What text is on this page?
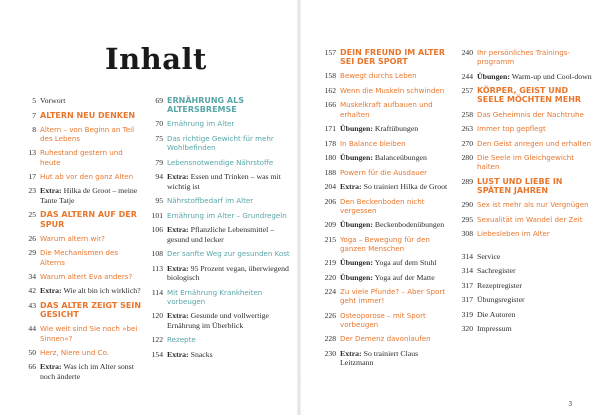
Inhalt
5 Vorwort
7 ALTERN NEU DENKEN
8 Altern – von Beginn an Teil des Lebens
13 Ruhestand gestern und heute
17 Hut ab vor den ganz Alten
23 Extra: Hilka de Groot – meine Tante Tatje
25 DAS ALTERN AUF DER SPUR
26 Warum altern wir?
29 Die Mechanismen des Alterns
34 Warum altert Eva anders?
42 Extra: Wie alt bin ich wirklich?
43 DAS ALTER ZEIGT SEIN GESICHT
44 Wie weit sind Sie noch »bei Sinnen«?
50 Herz, Niere und Co.
66 Extra: Was ich im Alter sonst noch änderte
69 ERNÄHRUNG ALS ALTERSBREMSE
70 Ernährung im Alter
75 Das richtige Gewicht für mehr Wohlbefinden
79 Lebensnotwendige Nährstoffe
94 Extra: Essen und Trinken – was mit wichtig ist
95 Nährstoffbedarf im Alter
101 Ernährung im Alter – Grundregeln
106 Extra: Pflanzliche Lebensmittel – gesund und lecker
108 Der sanfte Weg zur gesunden Kost
113 Extra: 95 Prozent vegan, überwiegend biologisch
114 Mit Ernährung Krankheiten vorbeugen
120 Extra: Gesunde und vollwertige Ernährung im Überblick
122 Rezepte
154 Extra: Snacks
157 DEIN FREUND IM ALTER SEI DER SPORT
158 Bewegt durchs Leben
162 Wenn die Muskeln schwinden
166 Muskelkraft aufbauen und erhalten
171 Übungen: Kraftübungen
178 In Balance bleiben
180 Übungen: Balanceübungen
188 Powern für die Ausdauer
204 Extra: So trainiert Hilka de Groot
206 Den Beckenboden nicht vergessen
209 Übungen: Beckenbodenübungen
215 Yoga – Bewegung für den ganzen Menschen
219 Übungen: Yoga auf dem Stuhl
220 Übungen: Yoga auf der Matte
224 Zu viele Pfunde? – Aber Sport geht immer!
226 Osteoporose – mit Sport vorbeugen
228 Der Demenz davonlaufen
230 Extra: So trainiert Claus Leitzmann
240 Ihr persönliches Trainings-programm
244 Übungen: Warm-up und Cool-down
257 KÖRPER, GEIST UND SEELE MÖCHTEN MEHR
258 Das Geheimnis der Nachtruhe
263 Immer top gepflegt
270 Den Geist anregen und erhalten
280 Die Seele im Gleichgewicht halten
289 LUST UND LIEBE IN SPÄTEN JAHREN
290 Sex ist mehr als nur Vergnügen
295 Sexualität im Wandel der Zeit
308 Liebesleben im Alter
314 Service
314 Sachregister
317 Rezeptregister
317 Übungsregister
319 Die Autoren
320 Impressum
3
